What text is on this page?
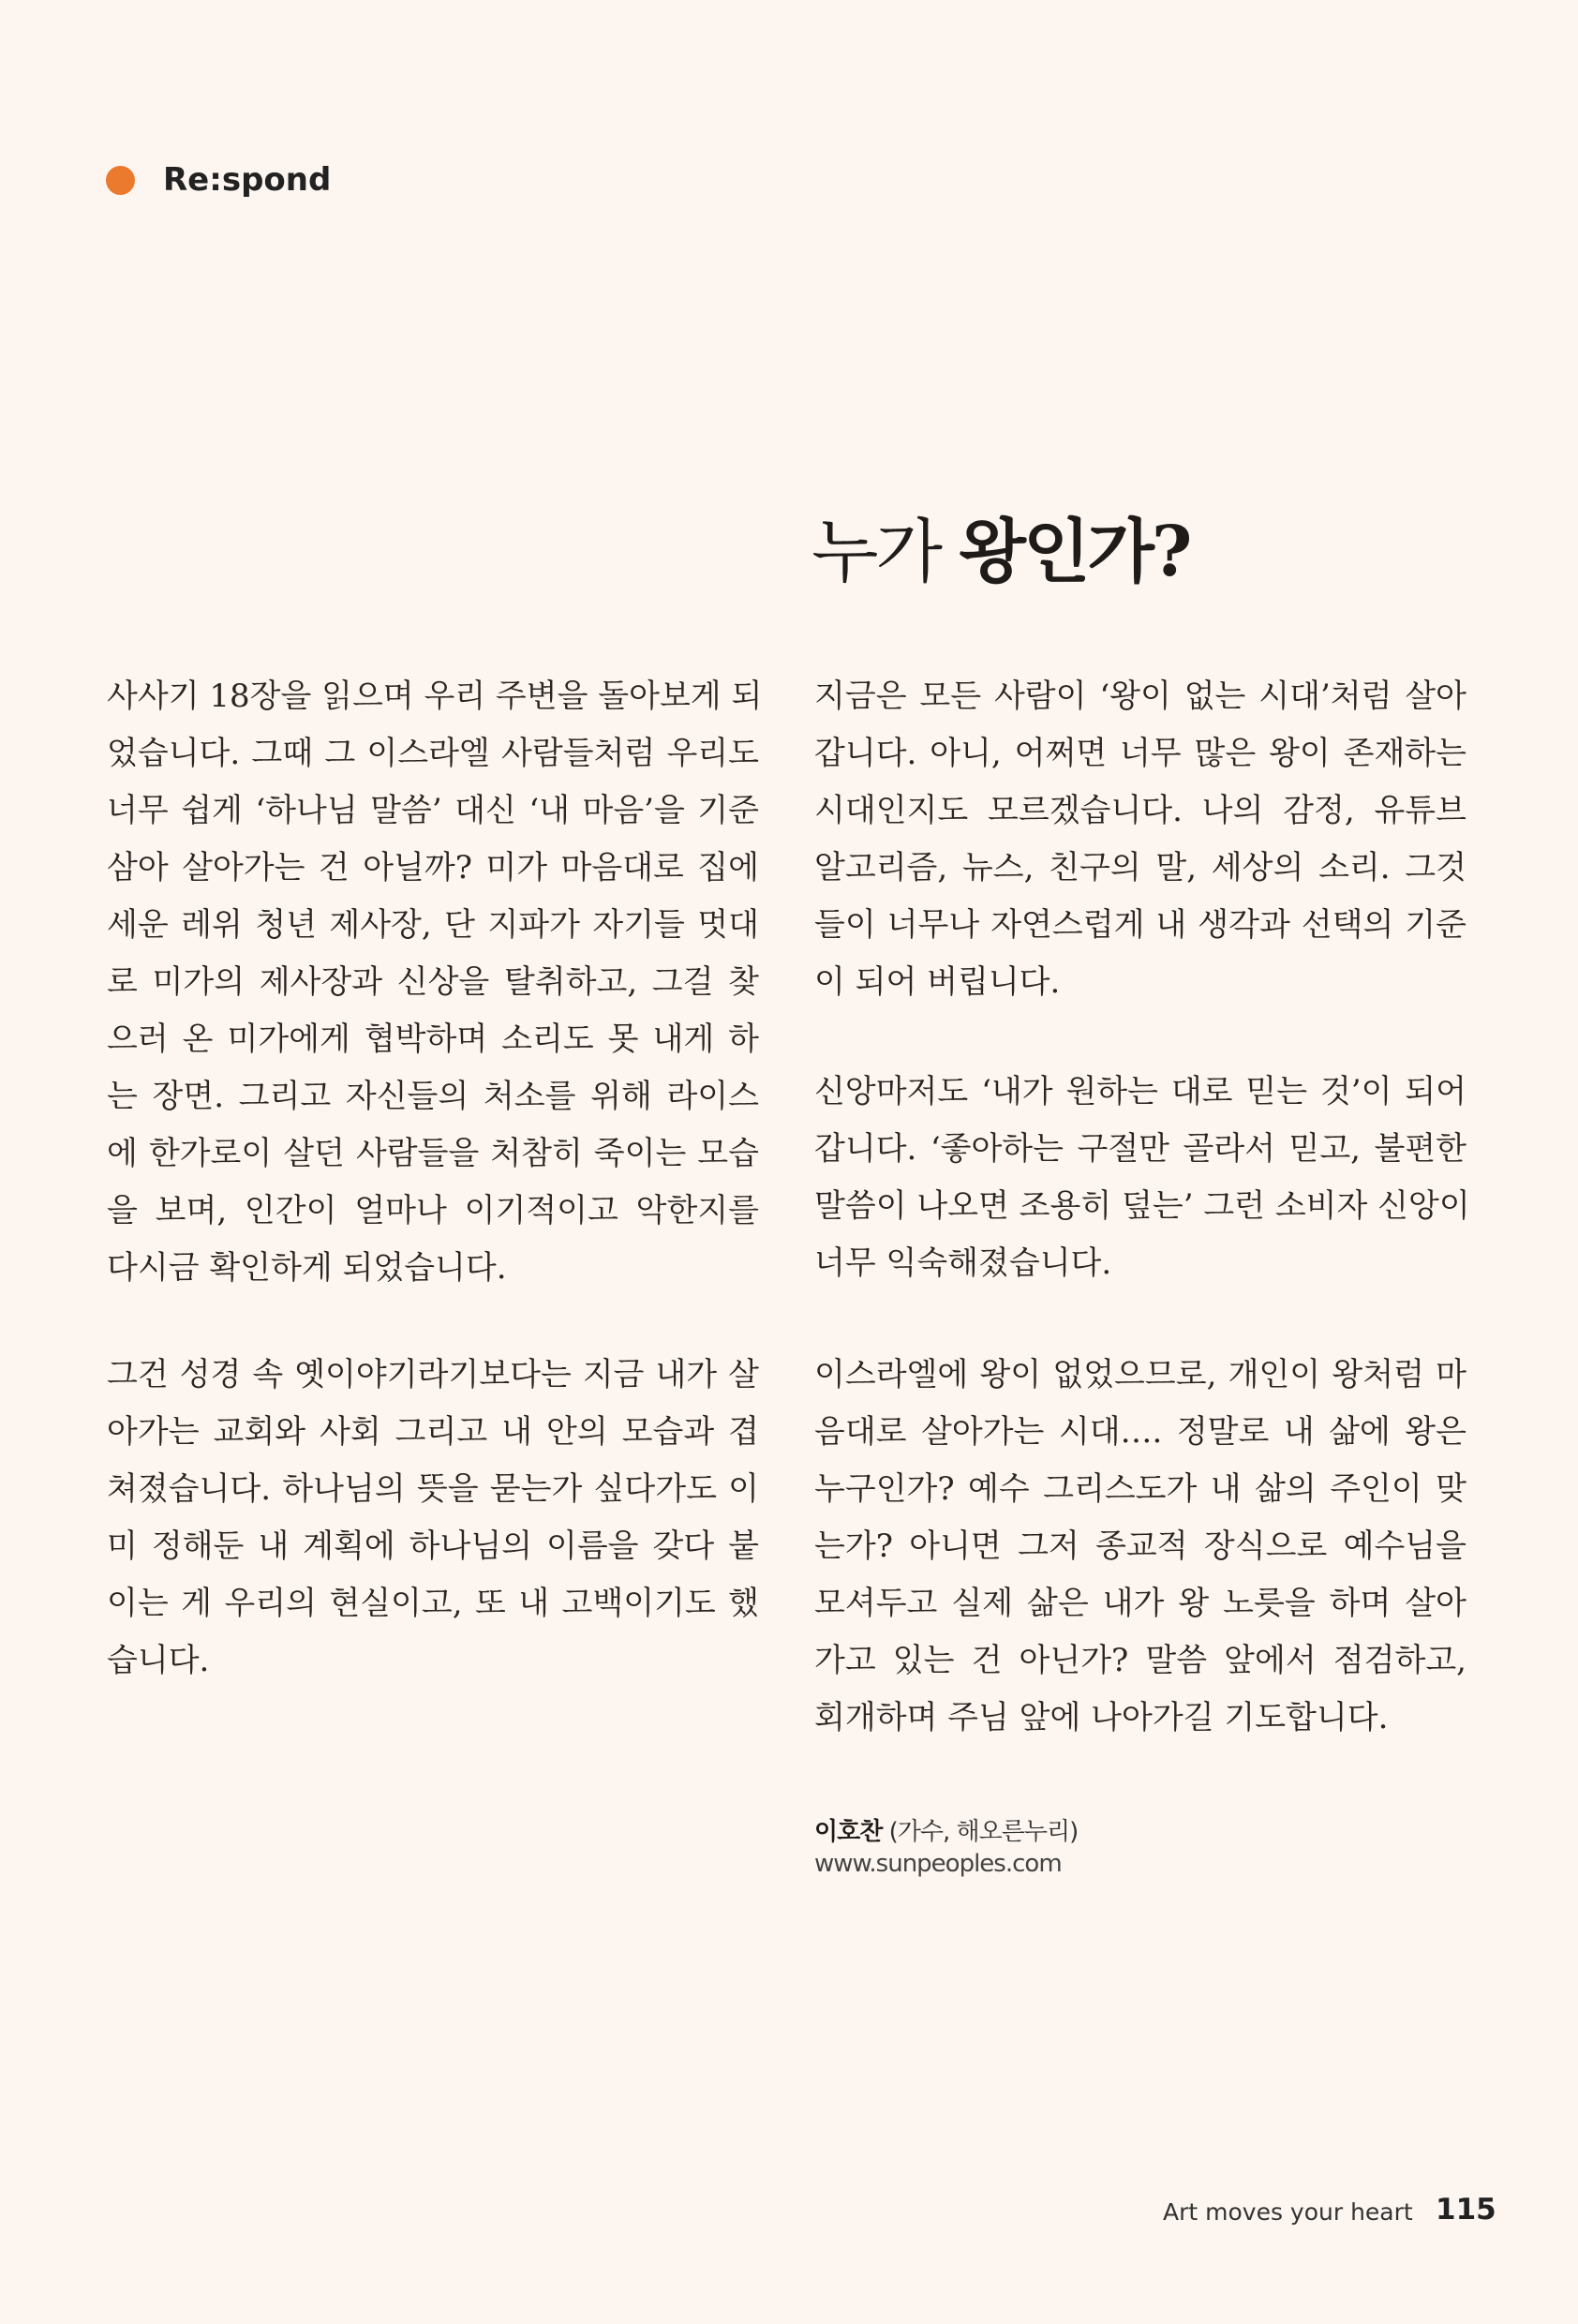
Re:spond
누가 왕인가?
사사기 18장을 읽으며 우리 주변을 돌아보게 되
었습니다. 그때 그 이스라엘 사람들처럼 우리도
너무 쉽게 ‘하나님 말씀’ 대신 ‘내 마음’을 기준
삼아 살아가는 건 아닐까? 미가 마음대로 집에
세운 레위 청년 제사장, 단 지파가 자기들 멋대
로 미가의 제사장과 신상을 탈취하고, 그걸 찾
으러 온 미가에게 협박하며 소리도 못 내게 하
는 장면. 그리고 자신들의 처소를 위해 라이스
에 한가로이 살던 사람들을 처참히 죽이는 모습
을 보며, 인간이 얼마나 이기적이고 악한지를
다시금 확인하게 되었습니다.
그건 성경 속 옛이야기라기보다는 지금 내가 살
아가는 교회와 사회 그리고 내 안의 모습과 겹
쳐졌습니다. 하나님의 뜻을 묻는가 싶다가도 이
미 정해둔 내 계획에 하나님의 이름을 갖다 붙
이는 게 우리의 현실이고, 또 내 고백이기도 했
습니다.
지금은 모든 사람이 ‘왕이 없는 시대’처럼 살아
갑니다. 아니, 어쩌면 너무 많은 왕이 존재하는
시대인지도 모르겠습니다. 나의 감정, 유튜브
알고리즘, 뉴스, 친구의 말, 세상의 소리. 그것
들이 너무나 자연스럽게 내 생각과 선택의 기준
이 되어 버립니다.
신앙마저도 ‘내가 원하는 대로 믿는 것’이 되어
갑니다. ‘좋아하는 구절만 골라서 믿고, 불편한
말씀이 나오면 조용히 덮는’ 그런 소비자 신앙이
너무 익숙해졌습니다.
이스라엘에 왕이 없었으므로, 개인이 왕처럼 마
음대로 살아가는 시대…. 정말로 내 삶에 왕은
누구인가? 예수 그리스도가 내 삶의 주인이 맞
는가? 아니면 그저 종교적 장식으로 예수님을
모셔두고 실제 삶은 내가 왕 노릇을 하며 살아
가고 있는 건 아닌가? 말씀 앞에서 점검하고,
회개하며 주님 앞에 나아가길 기도합니다.
이호찬 (가수, 해오른누리)
www.sunpeoples.com
Art moves your heart 115
